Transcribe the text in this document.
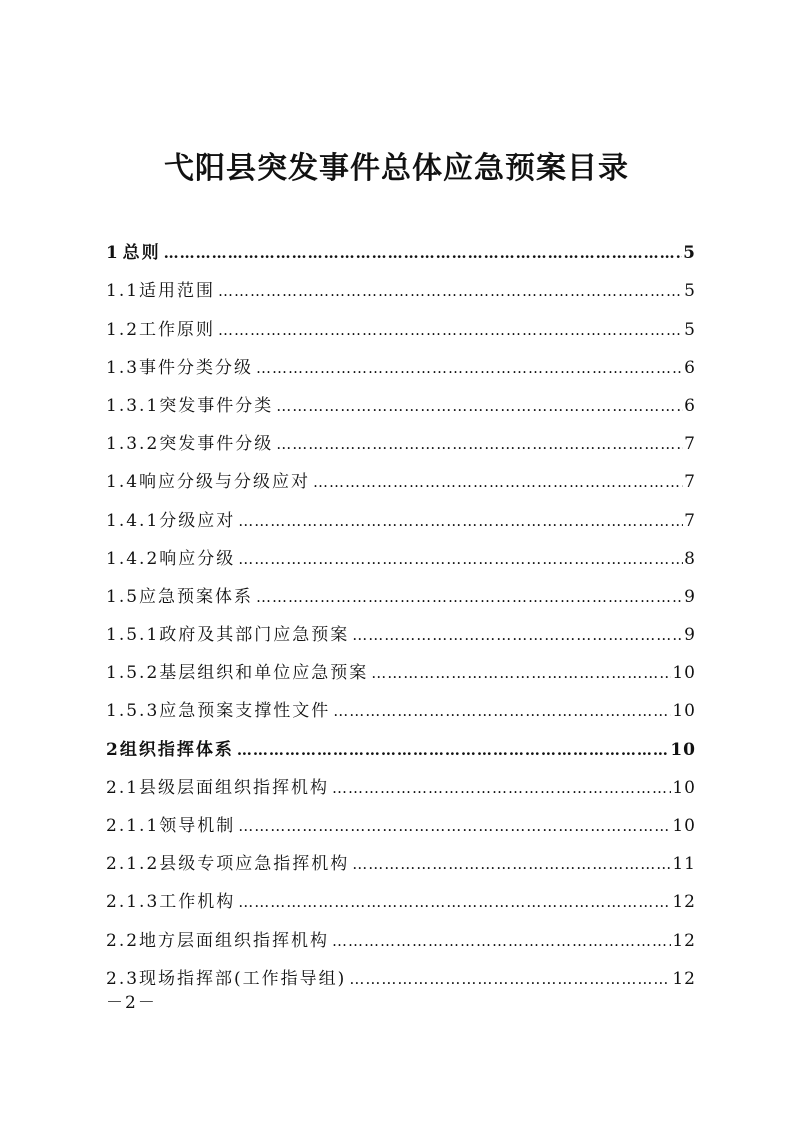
弋阳县突发事件总体应急预案目录
1 总则 …………………………………………………………………………………………………………………………………………………………………………………………	5
1.1 适用范围 …………………………………………………………………………………………………………………………………………………………………………………………	5
1.2 工作原则 …………………………………………………………………………………………………………………………………………………………………………………………	5
1.3 事件分类分级 …………………………………………………………………………………………………………………………………………………………………………………………	6
1.3.1 突发事件分类 …………………………………………………………………………………………………………………………………………………………………………………………	6
1.3.2 突发事件分级 …………………………………………………………………………………………………………………………………………………………………………………………	7
1.4 响应分级与分级应对 …………………………………………………………………………………………………………………………………………………………………………………………	7
1.4.1 分级应对 …………………………………………………………………………………………………………………………………………………………………………………………	7
1.4.2 响应分级 …………………………………………………………………………………………………………………………………………………………………………………………	8
1.5 应急预案体系 …………………………………………………………………………………………………………………………………………………………………………………………	9
1.5.1 政府及其部门应急预案 …………………………………………………………………………………………………………………………………………………………………………………………	9
1.5.2 基层组织和单位应急预案 …………………………………………………………………………………………………………………………………………………………………………………………	10
1.5.3 应急预案支撑性文件 …………………………………………………………………………………………………………………………………………………………………………………………	10
2 组织指挥体系 …………………………………………………………………………………………………………………………………………………………………………………………	10
2.1 县级层面组织指挥机构 …………………………………………………………………………………………………………………………………………………………………………………………	10
2.1.1 领导机制 …………………………………………………………………………………………………………………………………………………………………………………………	10
2.1.2 县级专项应急指挥机构 …………………………………………………………………………………………………………………………………………………………………………………………	11
2.1.3 工作机构 …………………………………………………………………………………………………………………………………………………………………………………………	12
2.2 地方层面组织指挥机构 …………………………………………………………………………………………………………………………………………………………………………………………	12
2.3 现场指挥部(工作指导组) …………………………………………………………………………………………………………………………………………………………………………………………	12

－2－
